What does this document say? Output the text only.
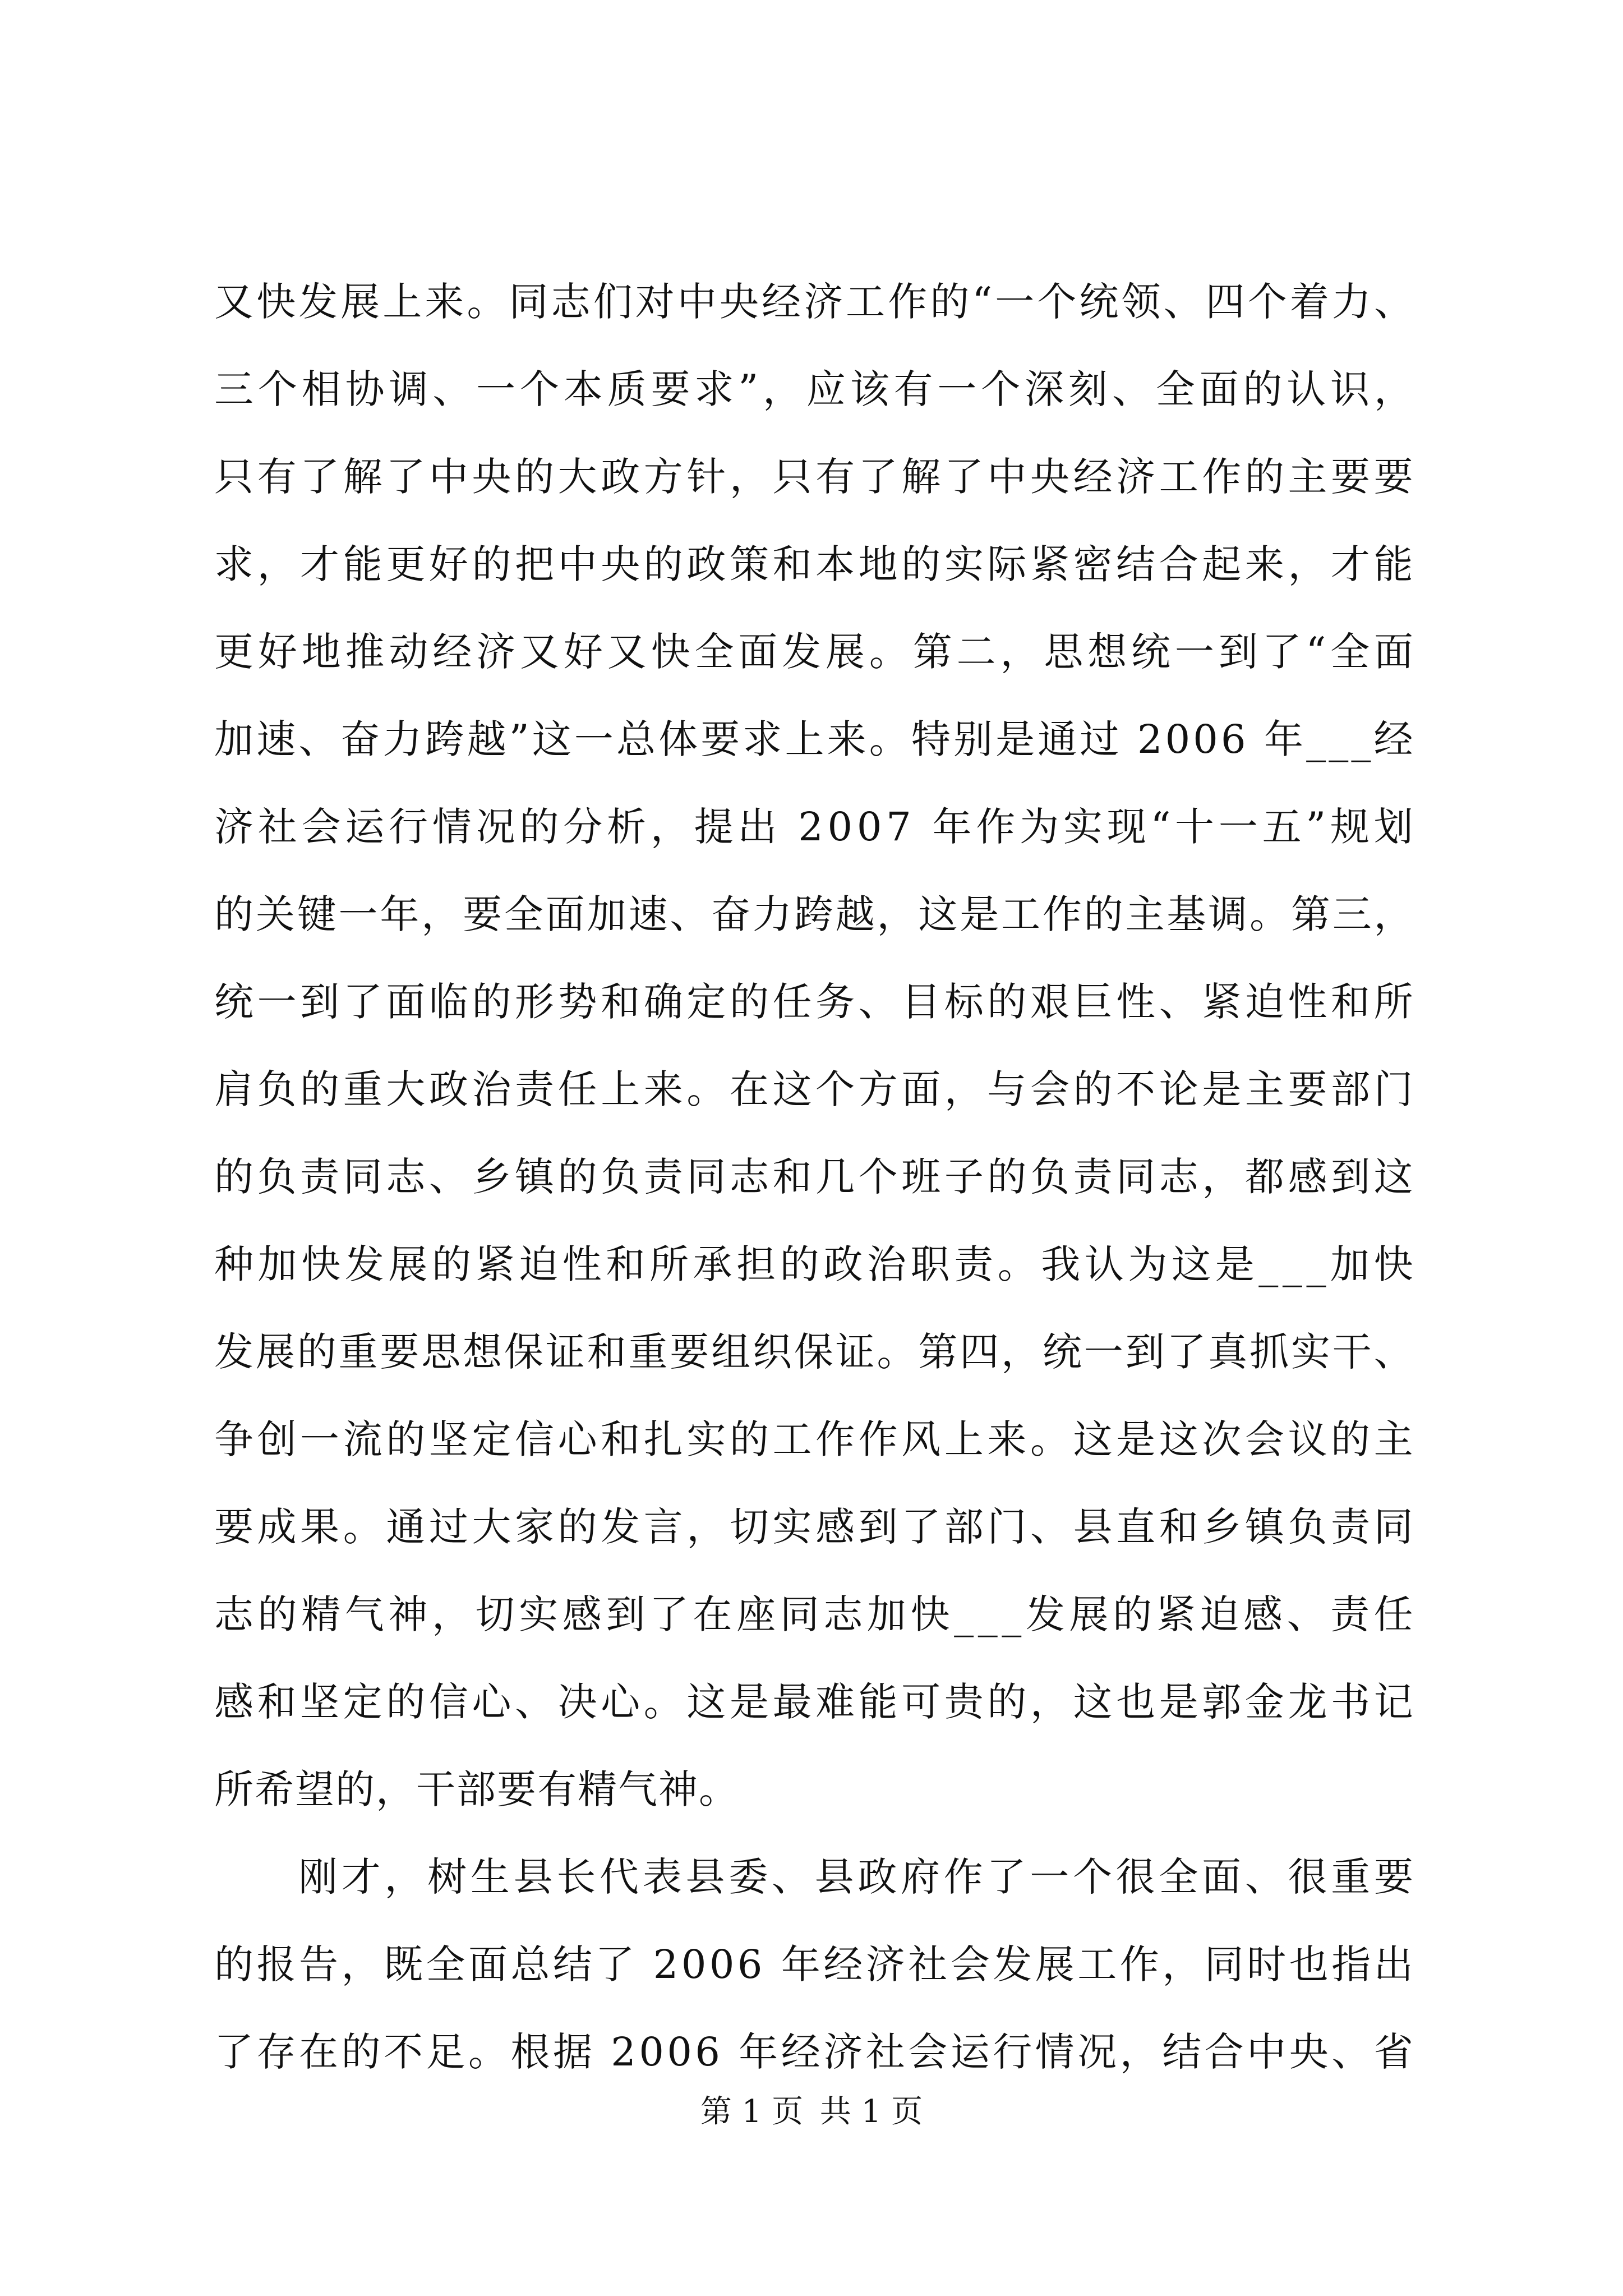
又 快 发 展 上 来 。 同 志 们 对 中 央 经 济 工 作 的 “ 一 个 统 领 、 四 个 着 力 、
三 个 相 协 调 、 一 个 本 质 要 求 ” ， 应 该 有 一 个 深 刻 、 全 面 的 认 识 ，
只 有 了 解 了 中 央 的 大 政 方 针 ， 只 有 了 解 了 中 央 经 济 工 作 的 主 要 要
求 ， 才 能 更 好 的 把 中 央 的 政 策 和 本 地 的 实 际 紧 密 结 合 起 来 ， 才 能
更 好 地 推 动 经 济 又 好 又 快 全 面 发 展 。 第 二 ， 思 想 统 一 到 了 “ 全 面
加 速 、 奋 力 跨 越 ” 这 一 总 体 要 求 上 来 。 特 别 是 通 过
2 0 0 6
年 _ _ _ 经
济 社 会 运 行 情 况 的 分 析 ， 提 出
2 0 0 7
年 作 为 实 现 “ 十 一 五 ” 规 划
的 关 键 一 年 ， 要 全 面 加 速 、 奋 力 跨 越 ， 这 是 工 作 的 主 基 调 。 第 三 ，
统 一 到 了 面 临 的 形 势 和 确 定 的 任 务 、 目 标 的 艰 巨 性 、 紧 迫 性 和 所
肩 负 的 重 大 政 治 责 任 上 来 。 在 这 个 方 面 ， 与 会 的 不 论 是 主 要 部 门
的 负 责 同 志 、 乡 镇 的 负 责 同 志 和 几 个 班 子 的 负 责 同 志 ， 都 感 到 这
种 加 快 发 展 的 紧 迫 性 和 所 承 担 的 政 治 职 责 。 我 认 为 这 是 _ _ _ 加 快
发 展 的 重 要 思 想 保 证 和 重 要 组 织 保 证 。 第 四 ， 统 一 到 了 真 抓 实 干 、
争 创 一 流 的 坚 定 信 心 和 扎 实 的 工 作 作 风 上 来 。 这 是 这 次 会 议 的 主
要 成 果 。 通 过 大 家 的 发 言 ， 切 实 感 到 了 部 门 、 县 直 和 乡 镇 负 责 同
志 的 精 气 神 ， 切 实 感 到 了 在 座 同 志 加 快 _ _ _ 发 展 的 紧 迫 感 、 责 任
感 和 坚 定 的 信 心 、 决 心 。 这 是 最 难 能 可 贵 的 ， 这 也 是 郭 金 龙 书 记
所希望的，干部要有精气神。
刚 才 ， 树 生 县 长 代 表 县 委 、 县 政 府 作 了 一 个 很 全 面 、 很 重 要
的 报 告 ， 既 全 面 总 结 了
2 0 0 6
年 经 济 社 会 发 展 工 作 ， 同 时 也 指 出
了 存 在 的 不 足 。 根 据
2 0 0 6
年 经 济 社 会 运 行 情 况 ， 结 合 中 央 、 省
第 1 页 共 1 页
